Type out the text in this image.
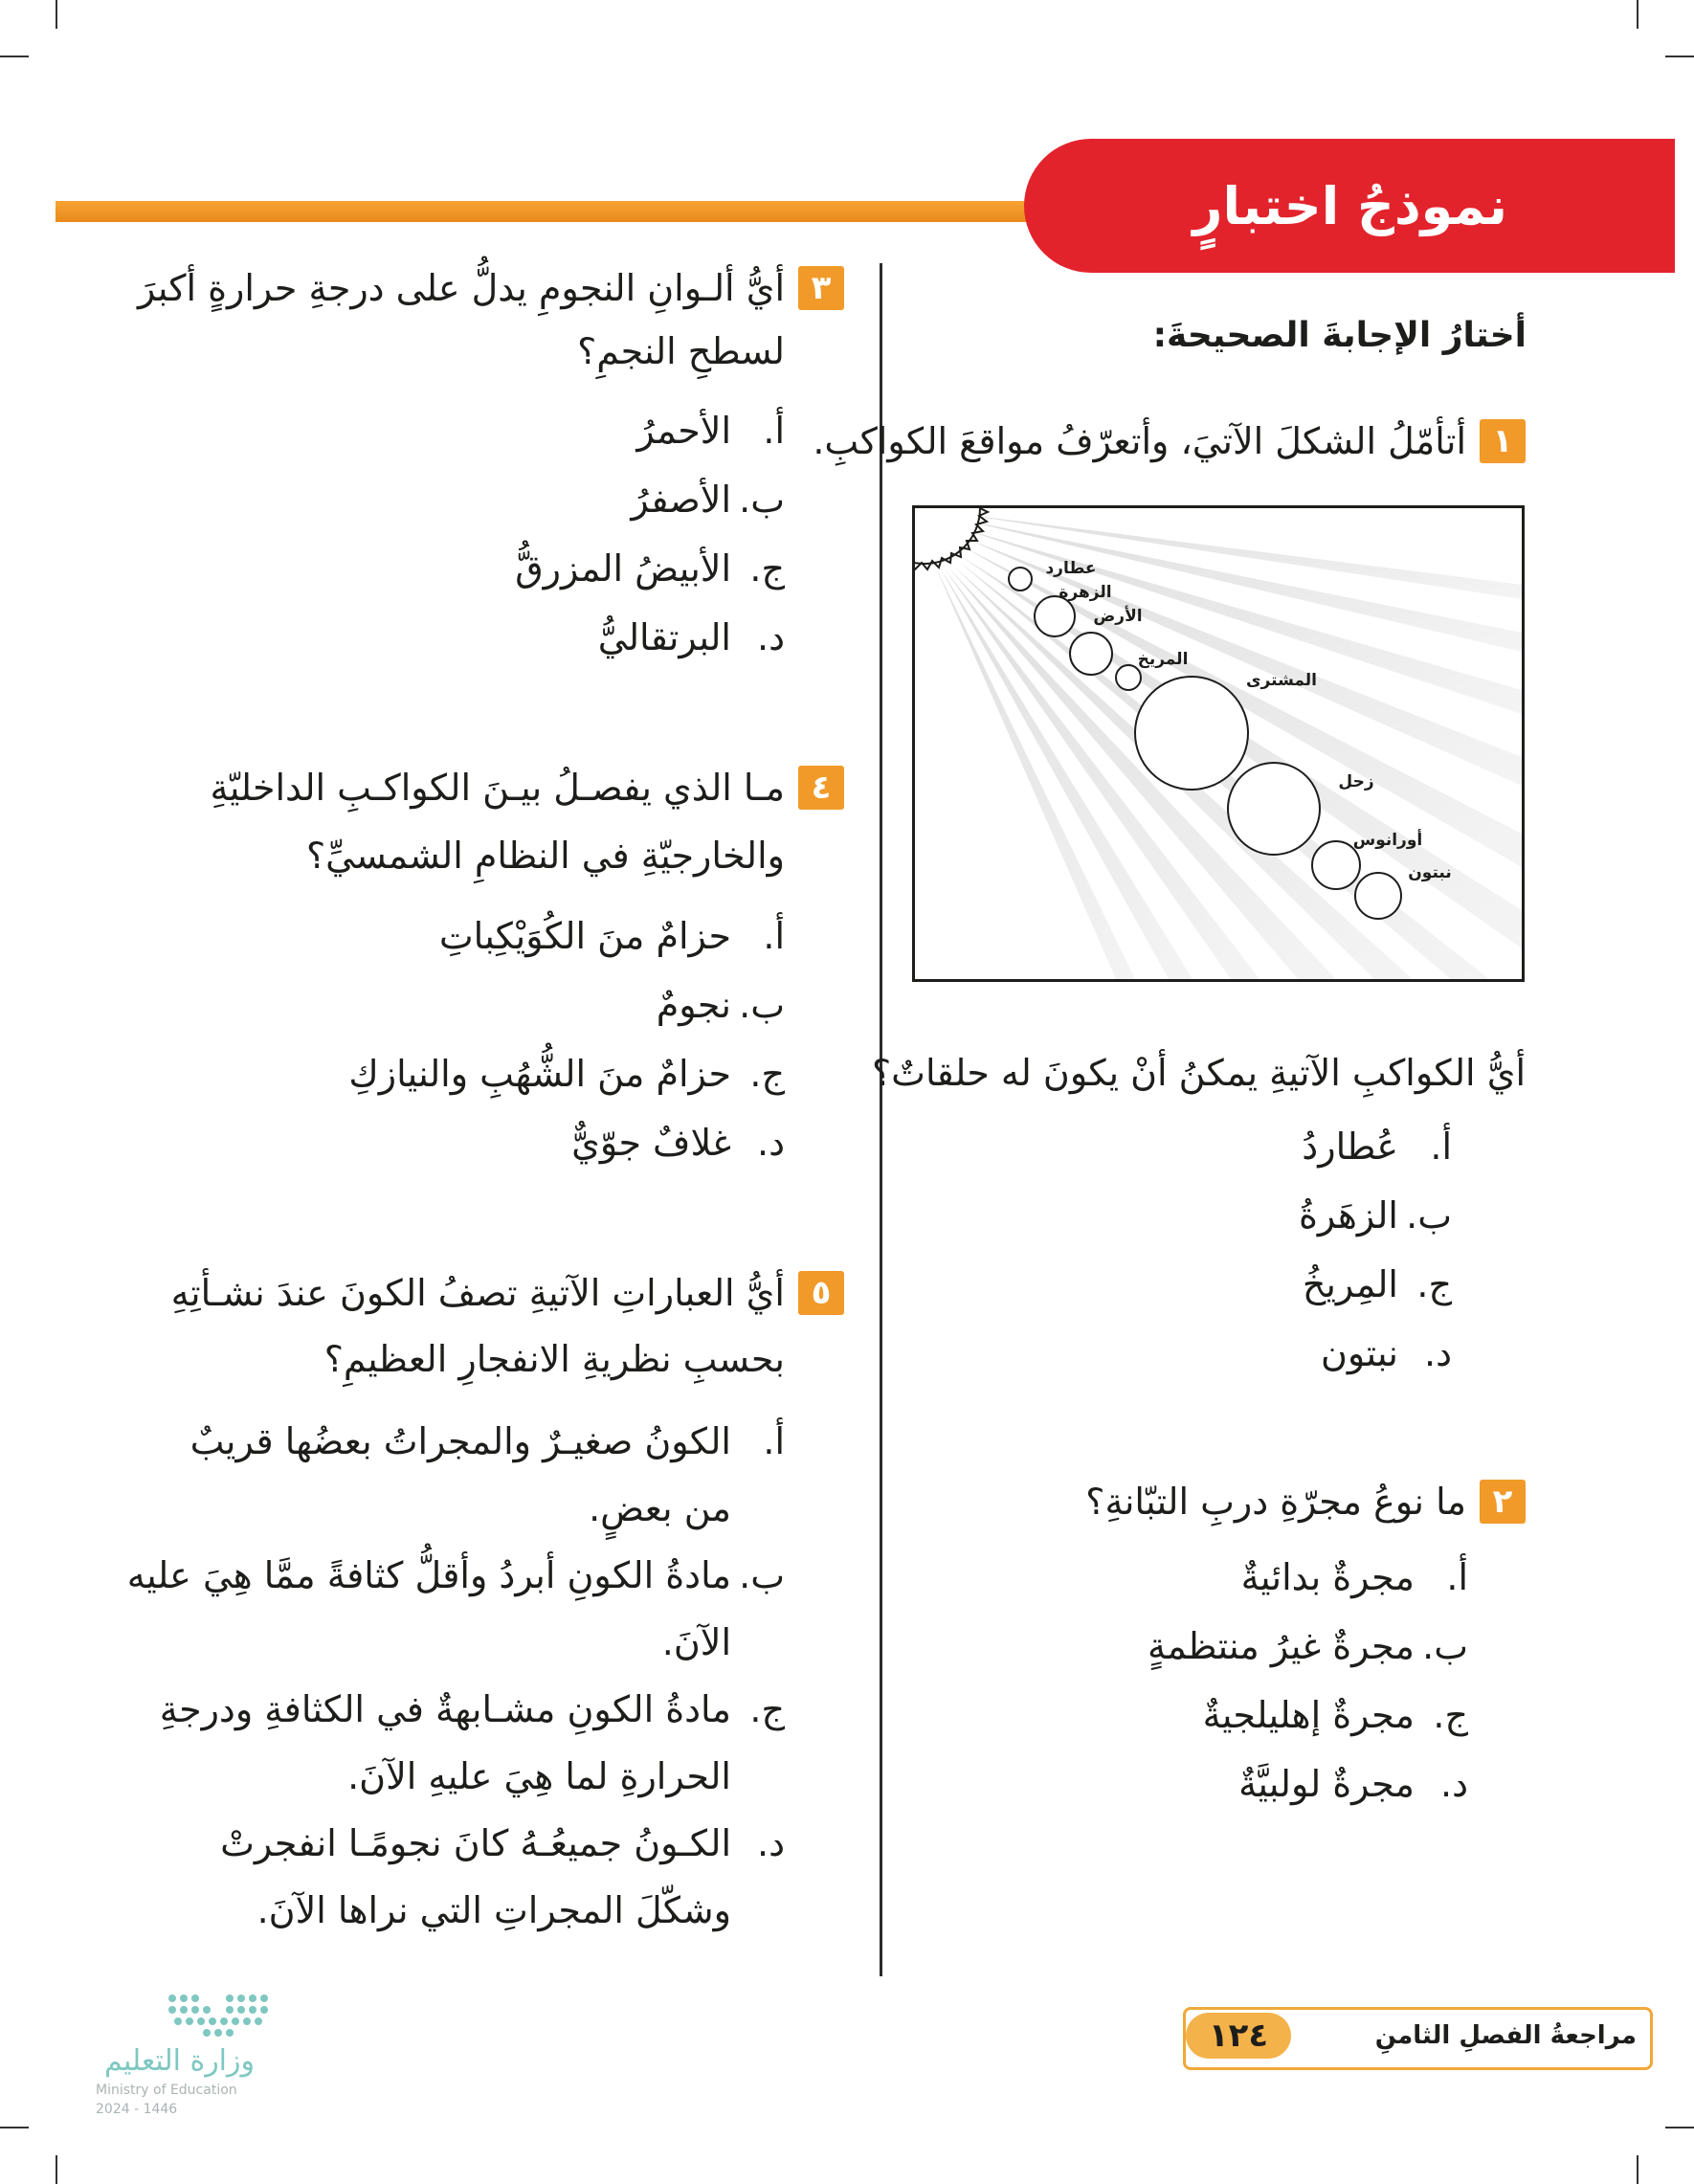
نموذجُ اختبارٍ
أختارُ الإجابةَ الصحيحةَ:
١
أتأمّلُ الشكلَ الآتيَ، وأتعرّفُ مواقعَ الكواكبِ.
عطارد
الزهرة
الأرض
المريخ
المشترى
زحل
أورانوس
نبتون
أيُّ الكواكبِ الآتيةِ يمكنُ أنْ يكونَ له حلقاتٌ؟
أ.عُطاردُ
ب.الزهَرةُ
ج.المِريخُ
د.نبتون
٢
ما نوعُ مجرّةِ دربِ التبّانةِ؟
أ.مجرةٌ بدائيةٌ
ب.مجرةٌ غيرُ منتظمةٍ
ج.مجرةٌ إهليلجيةٌ
د.مجرةٌ لولبيَّةٌ
٣
أيُّ ألـوانِ النجومِ يدلُّ على درجةِ حرارةٍ أكبرَ
لسطحِ النجمِ؟
أ.الأحمرُ
ب.الأصفرُ
ج.الأبيضُ المزرقُّ
د.البرتقاليُّ
٤
مـا الذي يفصـلُ بيـنَ الكواكـبِ الداخليّةِ
والخارجيّةِ في النظامِ الشمسيِّ؟
أ.حزامٌ منَ الكُوَيْكِباتِ
ب.نجومٌ
ج.حزامٌ منَ الشُّهُبِ والنيازكِ
د.غلافٌ جوّيٌّ
٥
أيُّ العباراتِ الآتيةِ تصفُ الكونَ عندَ نشـأتِهِ
بحسبِ نظريةِ الانفجارِ العظيمِ؟
أ.الكونُ صغيـرٌ والمجراتُ بعضُها قريبٌ
من بعضٍ.
ب.مادةُ الكونِ أبردُ وأقلُّ كثافةً ممَّا هِيَ عليه
الآنَ.
ج.مادةُ الكونِ مشـابهةٌ في الكثافةِ ودرجةِ
الحرارةِ لما هِيَ عليهِ الآنَ.
د.الكـونُ جميعُـهُ كانَ نجومًـا انفجرتْ
وشكّلَ المجراتِ التي نراها الآنَ.
١٢٤	مراجعةُ الفصلِ الثامنِ
وزارة التعليم
Ministry of Education
2024 - 1446
